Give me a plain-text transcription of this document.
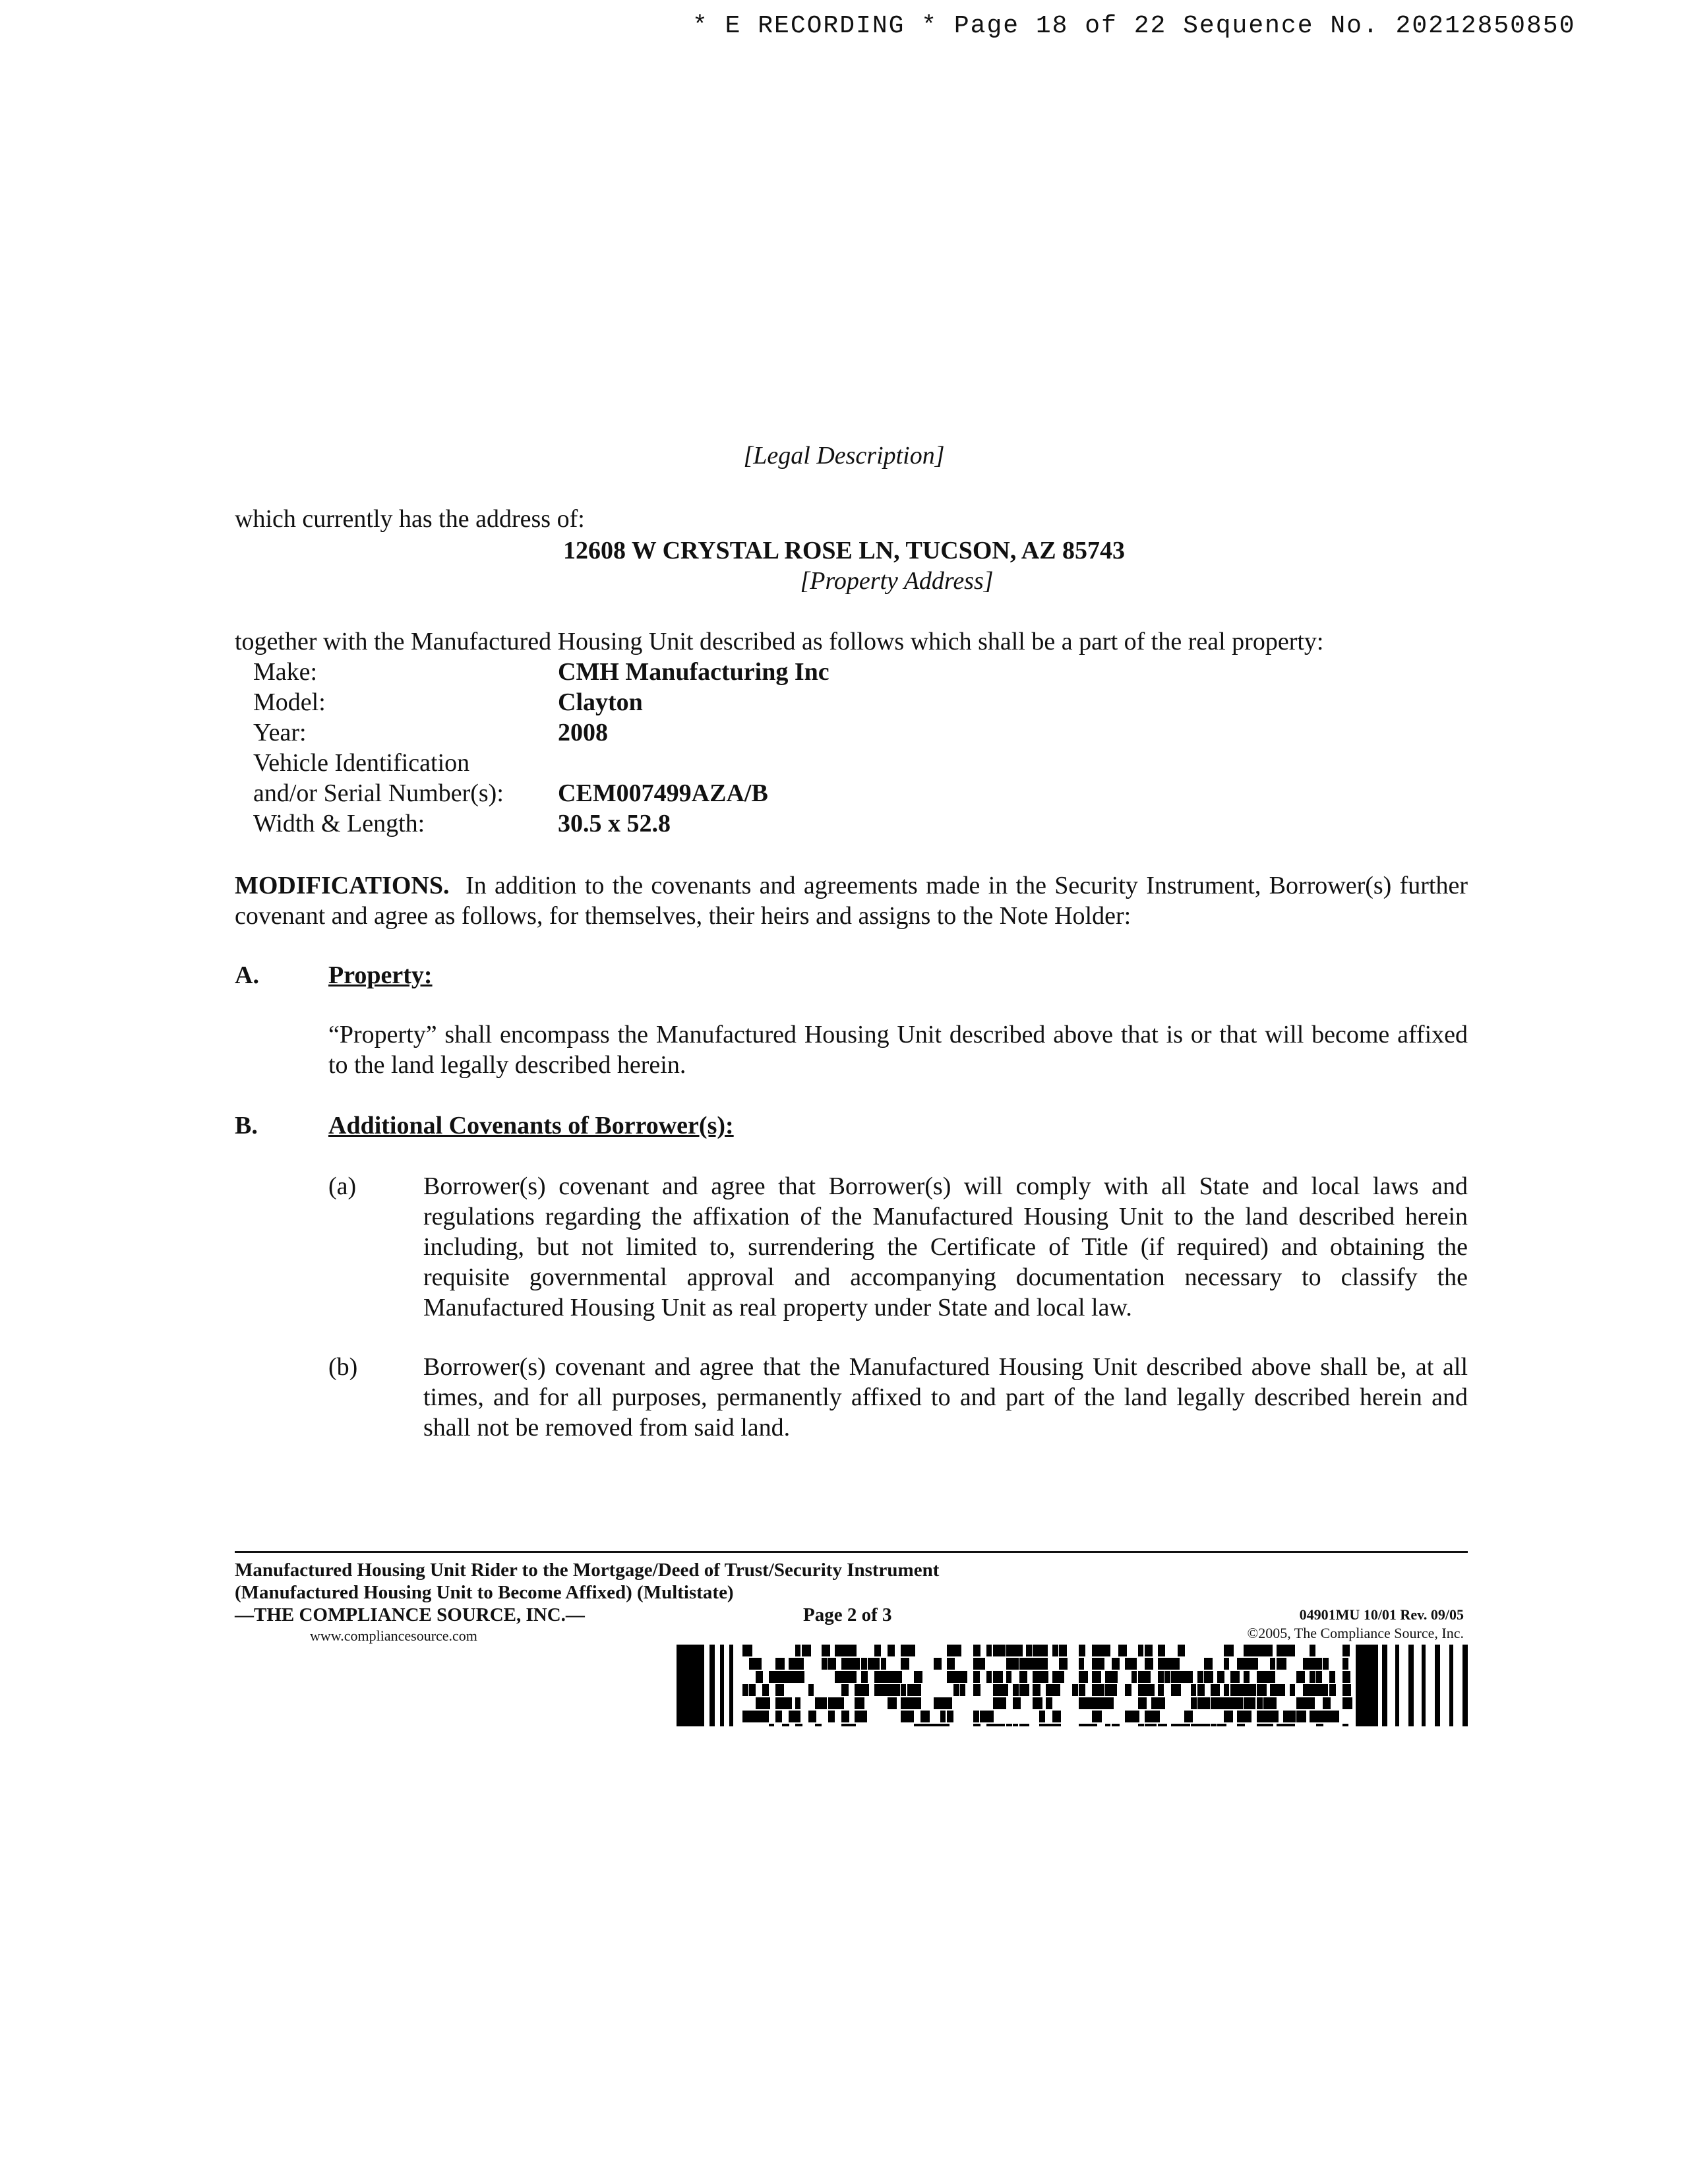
* E RECORDING * Page 18 of 22 Sequence No. 20212850850
[Legal Description]
which currently has the address of:
12608 W CRYSTAL ROSE LN, TUCSON, AZ 85743
[Property Address]
together with the Manufactured Housing Unit described as follows which shall be a part of the real property:
Make:	CMH Manufacturing Inc
Model:	Clayton
Year:	2008
Vehicle Identification
and/or Serial Number(s): CEM007499AZA/B
Width & Length:	30.5 x 52.8
MODIFICATIONS. In addition to the covenants and agreements made in the Security Instrument, Borrower(s) further covenant and agree as follows, for themselves, their heirs and assigns to the Note Holder:
A.	Property:
“Property” shall encompass the Manufactured Housing Unit described above that is or that will become affixed to the land legally described herein.
B.	Additional Covenants of Borrower(s):
(a)	Borrower(s) covenant and agree that Borrower(s) will comply with all State and local laws and regulations regarding the affixation of the Manufactured Housing Unit to the land described herein including, but not limited to, surrendering the Certificate of Title (if required) and obtaining the requisite governmental approval and accompanying documentation necessary to classify the Manufactured Housing Unit as real property under State and local law.
(b)	Borrower(s) covenant and agree that the Manufactured Housing Unit described above shall be, at all times, and for all purposes, permanently affixed to and part of the land legally described herein and shall not be removed from said land.
Manufactured Housing Unit Rider to the Mortgage/Deed of Trust/Security Instrument
(Manufactured Housing Unit to Become Affixed) (Multistate)
—THE COMPLIANCE SOURCE, INC.—
www.compliancesource.com
Page 2 of 3	04901MU 10/01 Rev. 09/05
©2005, The Compliance Source, Inc.
